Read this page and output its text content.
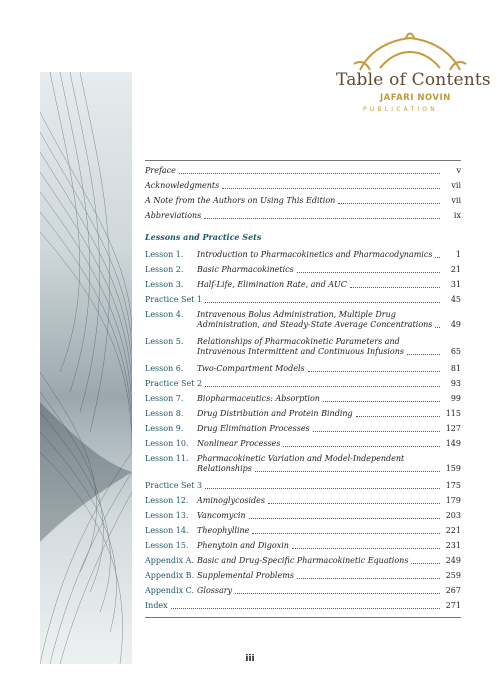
Table of Contents
JAFARI NOVIN
PUBLICATION
Preface	v
Acknowledgments	vii
A Note from the Authors on Using This Edition	vii
Abbreviations	ix
Lessons and Practice Sets
Lesson 1.	Introduction to Pharmacokinetics and Pharmacodynamics	1
Lesson 2.	Basic Pharmacokinetics	21
Lesson 3.	Half-Life, Elimination Rate, and AUC	31
Practice Set 1	45
Lesson 4.	Intravenous Bolus Administration, Multiple Drug
Administration, and Steady-State Average Concentrations	49
Lesson 5.	Relationships of Pharmacokinetic Parameters and
Intravenous Intermittent and Continuous Infusions	65
Lesson 6.	Two-Compartment Models	81
Practice Set 2	93
Lesson 7.	Biopharmaceutics: Absorption	99
Lesson 8.	Drug Distribution and Protein Binding	115
Lesson 9.	Drug Elimination Processes	127
Lesson 10.	Nonlinear Processes	149
Lesson 11.	Pharmacokinetic Variation and Model-Independent
Relationships	159
Practice Set 3	175
Lesson 12.	Aminoglycosides	179
Lesson 13.	Vancomycin	203
Lesson 14.	Theophylline	221
Lesson 15.	Phenytoin and Digoxin	231
Appendix A. Basic and Drug-Specific Pharmacokinetic Equations	249
Appendix B. Supplemental Problems	259
Appendix C. Glossary	267
Index	271
iii
